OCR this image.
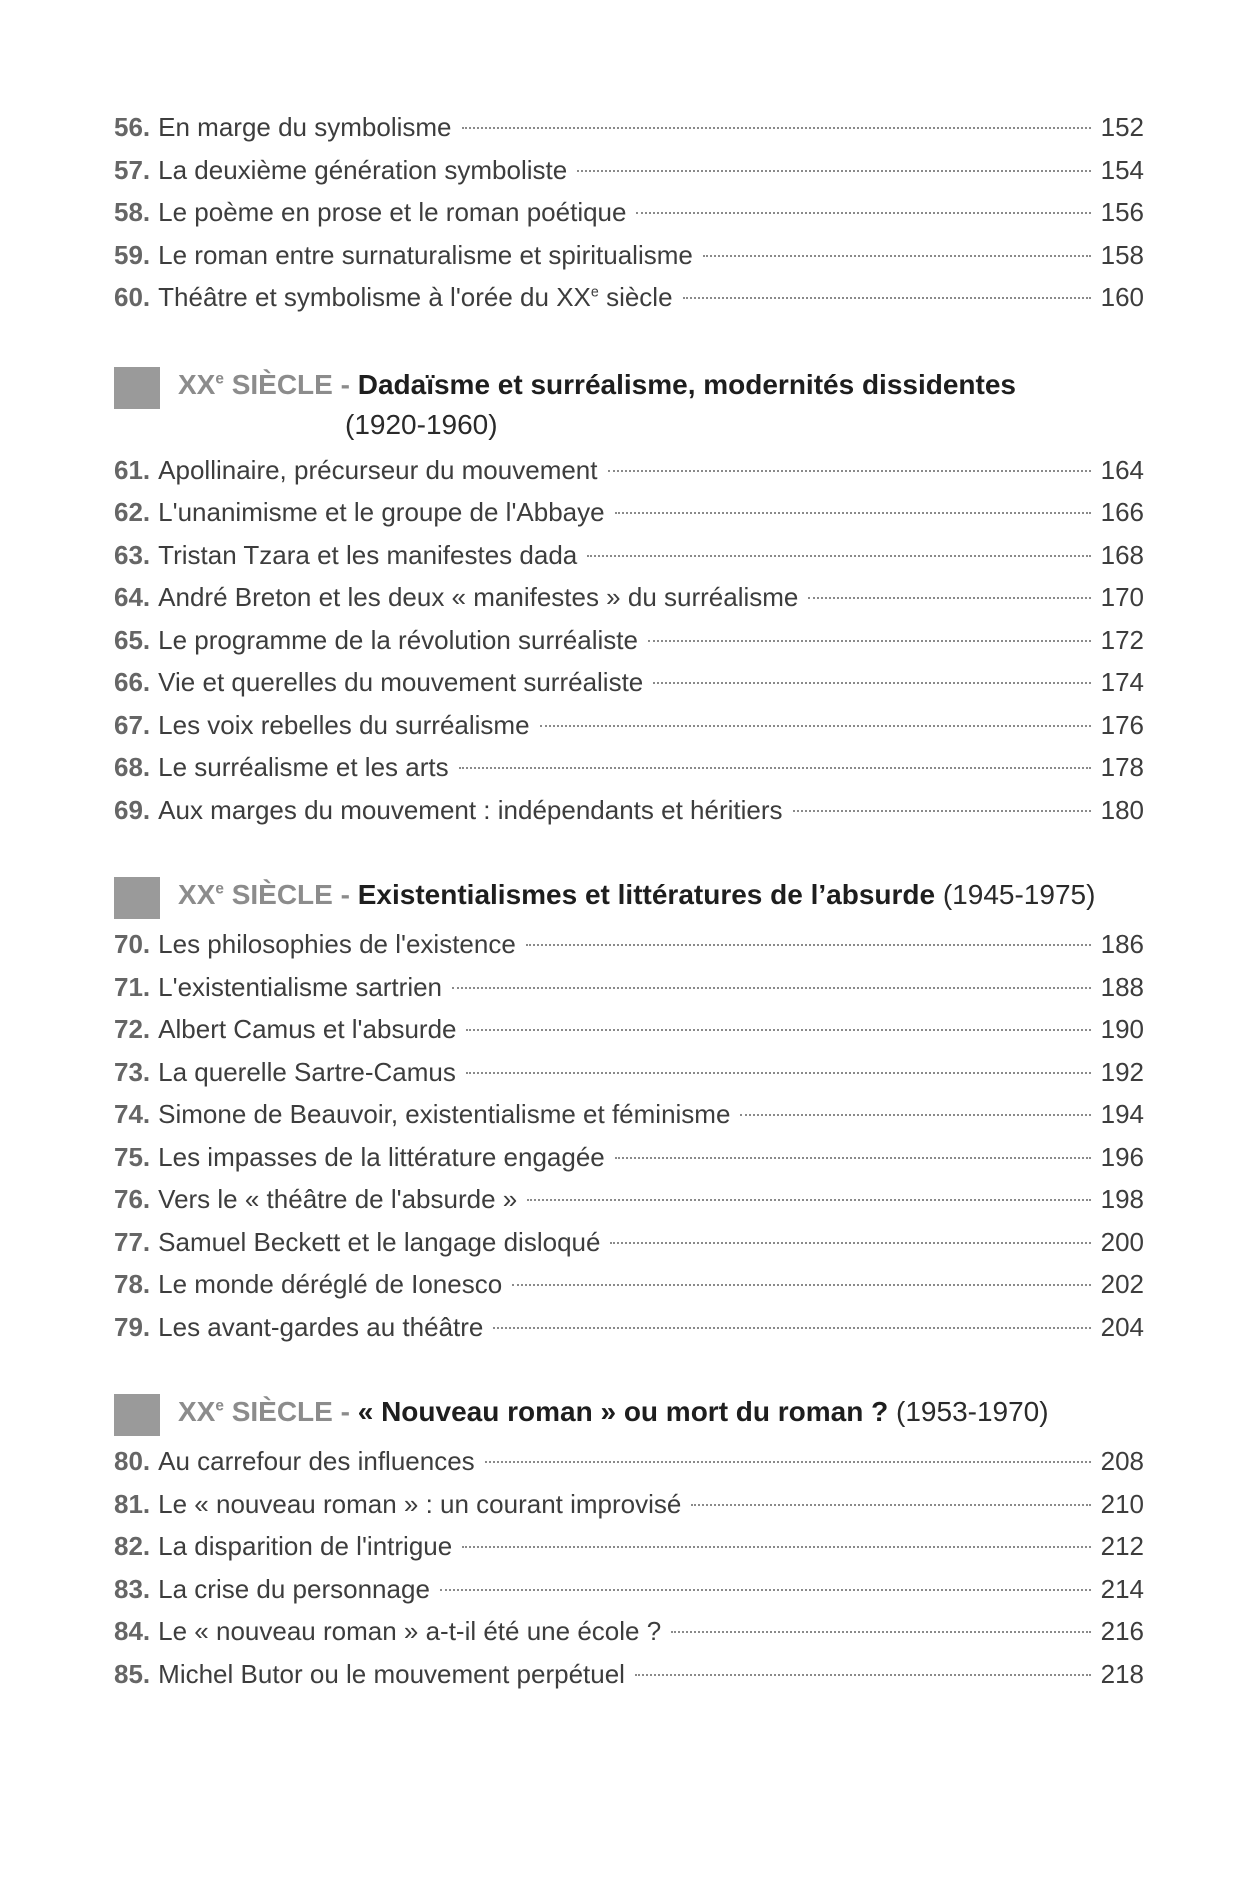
56. En marge du symbolisme	152
57. La deuxième génération symboliste	154
58. Le poème en prose et le roman poétique	156
59. Le roman entre surnaturalisme et spiritualisme	158
60. Théâtre et symbolisme à l'orée du XXe siècle	160
XXe SIÈCLE - Dadaïsme et surréalisme, modernités dissidentes
(1920-1960)
61. Apollinaire, précurseur du mouvement	164
62. L'unanimisme et le groupe de l'Abbaye	166
63. Tristan Tzara et les manifestes dada	168
64. André Breton et les deux « manifestes » du surréalisme	170
65. Le programme de la révolution surréaliste	172
66. Vie et querelles du mouvement surréaliste	174
67. Les voix rebelles du surréalisme	176
68. Le surréalisme et les arts	178
69. Aux marges du mouvement : indépendants et héritiers	180
XXe SIÈCLE - Existentialismes et littératures de l’absurde (1945-1975)
70. Les philosophies de l'existence	186
71. L'existentialisme sartrien	188
72. Albert Camus et l'absurde	190
73. La querelle Sartre-Camus	192
74. Simone de Beauvoir, existentialisme et féminisme	194
75. Les impasses de la littérature engagée	196
76. Vers le « théâtre de l'absurde »	198
77. Samuel Beckett et le langage disloqué	200
78. Le monde déréglé de Ionesco	202
79. Les avant-gardes au théâtre	204
XXe SIÈCLE - « Nouveau roman » ou mort du roman ? (1953-1970)
80. Au carrefour des influences	208
81. Le « nouveau roman » : un courant improvisé	210
82. La disparition de l'intrigue	212
83. La crise du personnage	214
84. Le « nouveau roman » a-t-il été une école ?	216
85. Michel Butor ou le mouvement perpétuel	218
